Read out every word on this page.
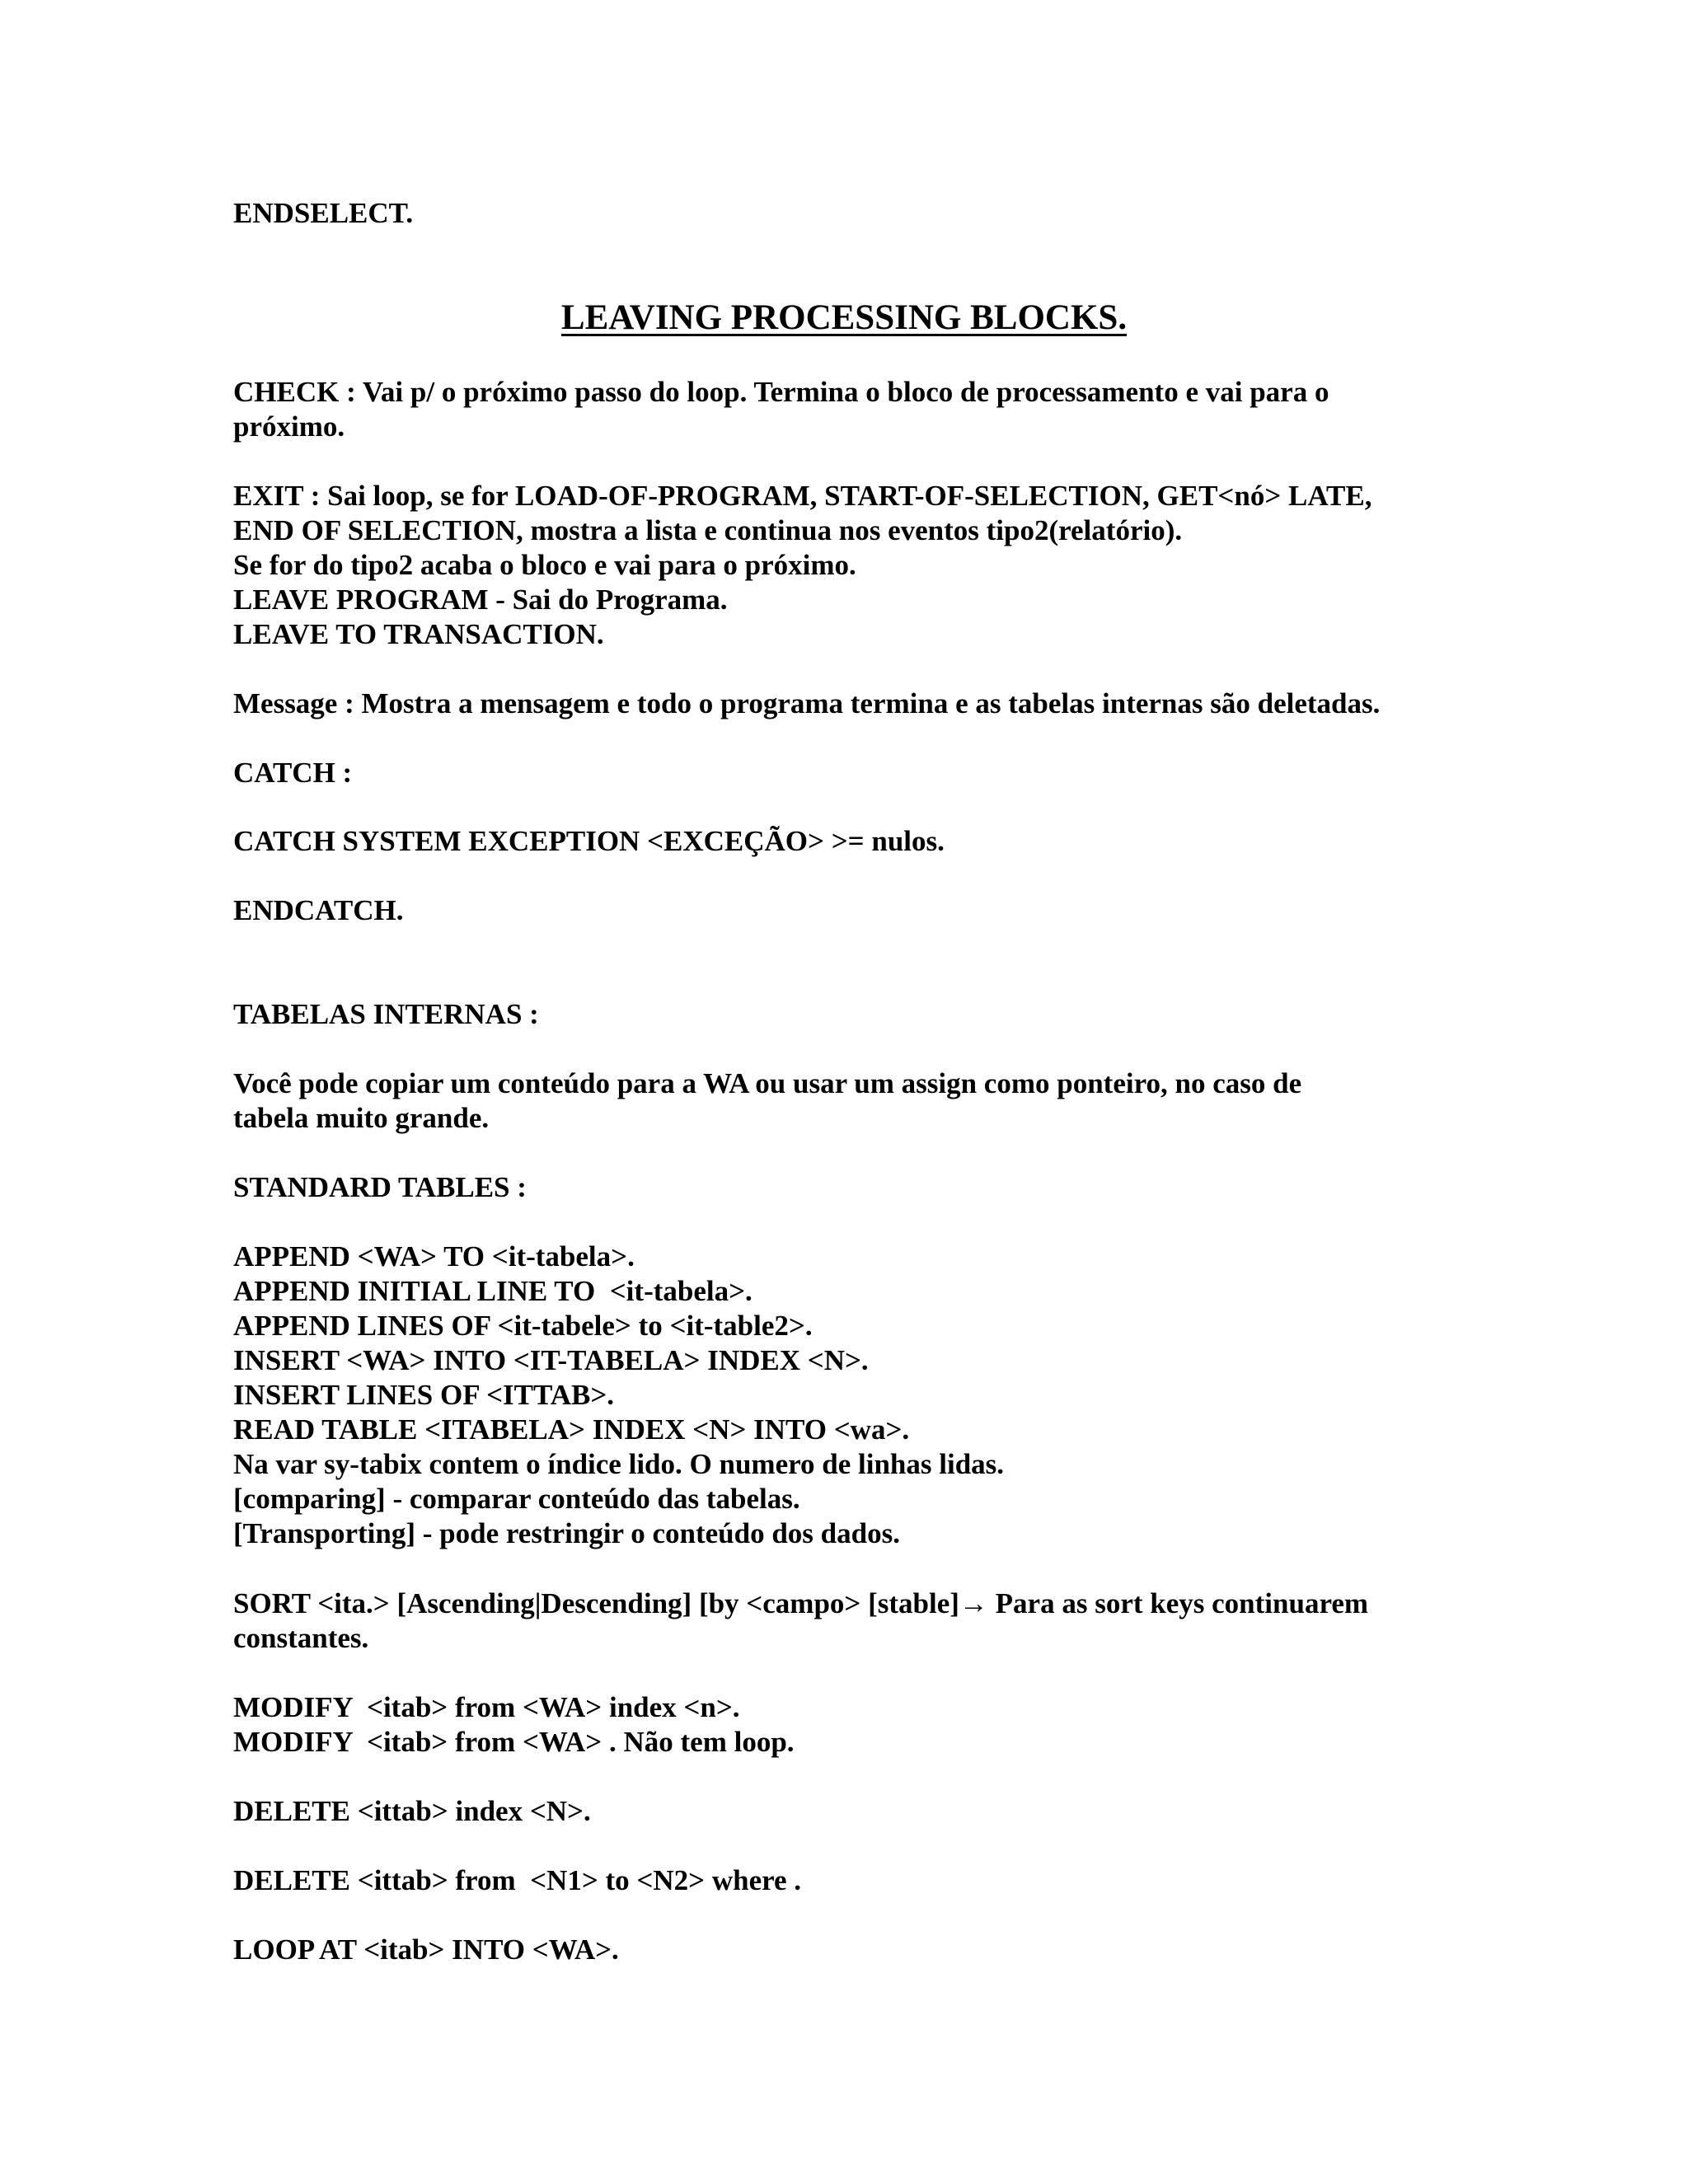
ENDSELECT.

LEAVING PROCESSING BLOCKS.

CHECK : Vai p/ o próximo passo do loop. Termina o bloco de processamento e vai para o

próximo.

EXIT : Sai loop, se for LOAD-OF-PROGRAM, START-OF-SELECTION, GET<nó> LATE,

END OF SELECTION, mostra a lista e continua nos eventos tipo2(relatório).

Se for do tipo2 acaba o bloco e vai para o próximo.

LEAVE PROGRAM - Sai do Programa.

LEAVE TO TRANSACTION.

Message : Mostra a mensagem e todo o programa termina e as tabelas internas são deletadas.

CATCH :

CATCH SYSTEM EXCEPTION <EXCEÇÃO> >= nulos.

ENDCATCH.

TABELAS INTERNAS :

Você pode copiar um conteúdo para a WA ou usar um assign como ponteiro, no caso de

tabela muito grande.

STANDARD TABLES :

APPEND <WA> TO <it-tabela>.

APPEND INITIAL LINE TO  <it-tabela>.

APPEND LINES OF <it-tabele> to <it-table2>.

INSERT <WA> INTO <IT-TABELA> INDEX <N>.

INSERT LINES OF <ITTAB>.

READ TABLE <ITABELA> INDEX <N> INTO <wa>.

Na var sy-tabix contem o índice lido. O numero de linhas lidas.

[comparing] - comparar conteúdo das tabelas.

[Transporting] - pode restringir o conteúdo dos dados.

SORT <ita.> [Ascending|Descending] [by <campo> [stable]→ Para as sort keys continuarem

constantes.

MODIFY  <itab> from <WA> index <n>.

MODIFY  <itab> from <WA> . Não tem loop.

DELETE <ittab> index <N>.

DELETE <ittab> from  <N1> to <N2> where .

LOOP AT <itab> INTO <WA>.
